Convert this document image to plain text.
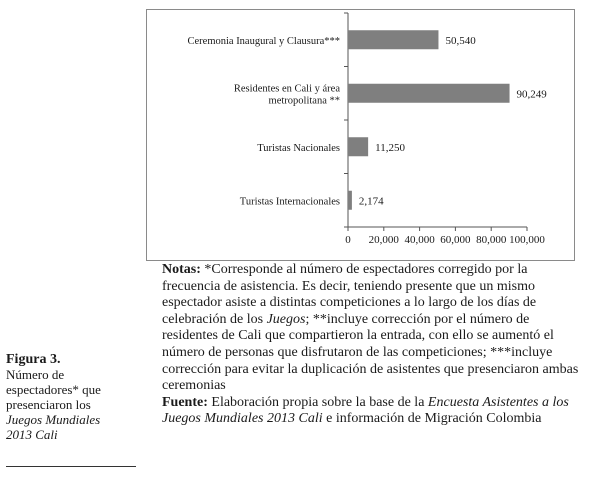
50,540
Ceremonia Inaugural y Clausura***
90,249
Residentes en Cali y área
metropolitana **
11,250
Turistas Nacionales
2,174
Turistas Internacionales
0 20,000 40,000 60,000 80,000 100,000
Figura 3.
Número de
espectadores* que
presenciaron los
Juegos Mundiales
2013 Cali
Notas: *Corresponde al número de espectadores corregido por la frecuencia de asistencia. Es decir, teniendo presente que un mismo espectador asiste a distintas competiciones a lo largo de los días de celebración de los Juegos; **incluye corrección por el número de residentes de Cali que compartieron la entrada, con ello se aumentó el número de personas que disfrutaron de las competiciones; ***incluye corrección para evitar la duplicación de asistentes que presenciaron ambas ceremonias
Fuente: Elaboración propia sobre la base de la Encuesta Asistentes a los Juegos Mundiales 2013 Cali e información de Migración Colombia
